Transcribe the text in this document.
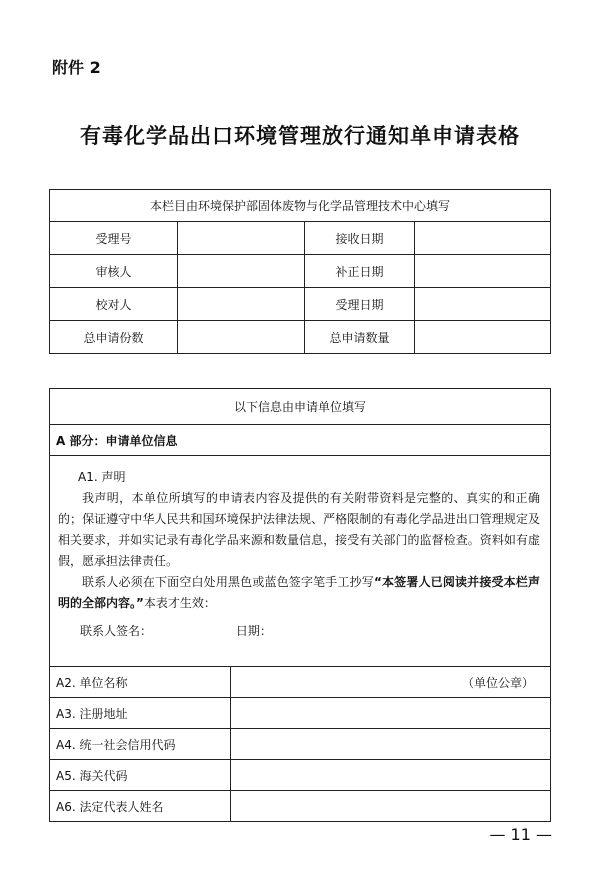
附件 2
有毒化学品出口环境管理放行通知单申请表格
本栏目由环境保护部固体废物与化学品管理技术中心填写			
受理号		接收日期	
审核人		补正日期	
校对人		受理日期	
总申请份数		总申请数量	
以下信息由申请单位填写	
A 部分：申请单位信息	

A1. 声明
我声明，本单位所填写的申请表内容及提供的有关附带资料是完整的、真实的和正确的；保证遵守中华人民共和国环境保护法律法规、严格限制的有毒化学品进出口管理规定及相关要求，并如实记录有毒化学品来源和数量信息，接受有关部门的监督检查。资料如有虚假，愿承担法律责任。
联系人必须在下面空白处用黑色或蓝色签字笔手工抄写“本签署人已阅读并接受本栏声明的全部内容。”本表才生效：
联系人签名： 日期：	

A2. 单位名称	（单位公章）

A3. 注册地址	
A4. 统一社会信用代码	
A5. 海关代码	
A6. 法定代表人姓名	
— 11 —
